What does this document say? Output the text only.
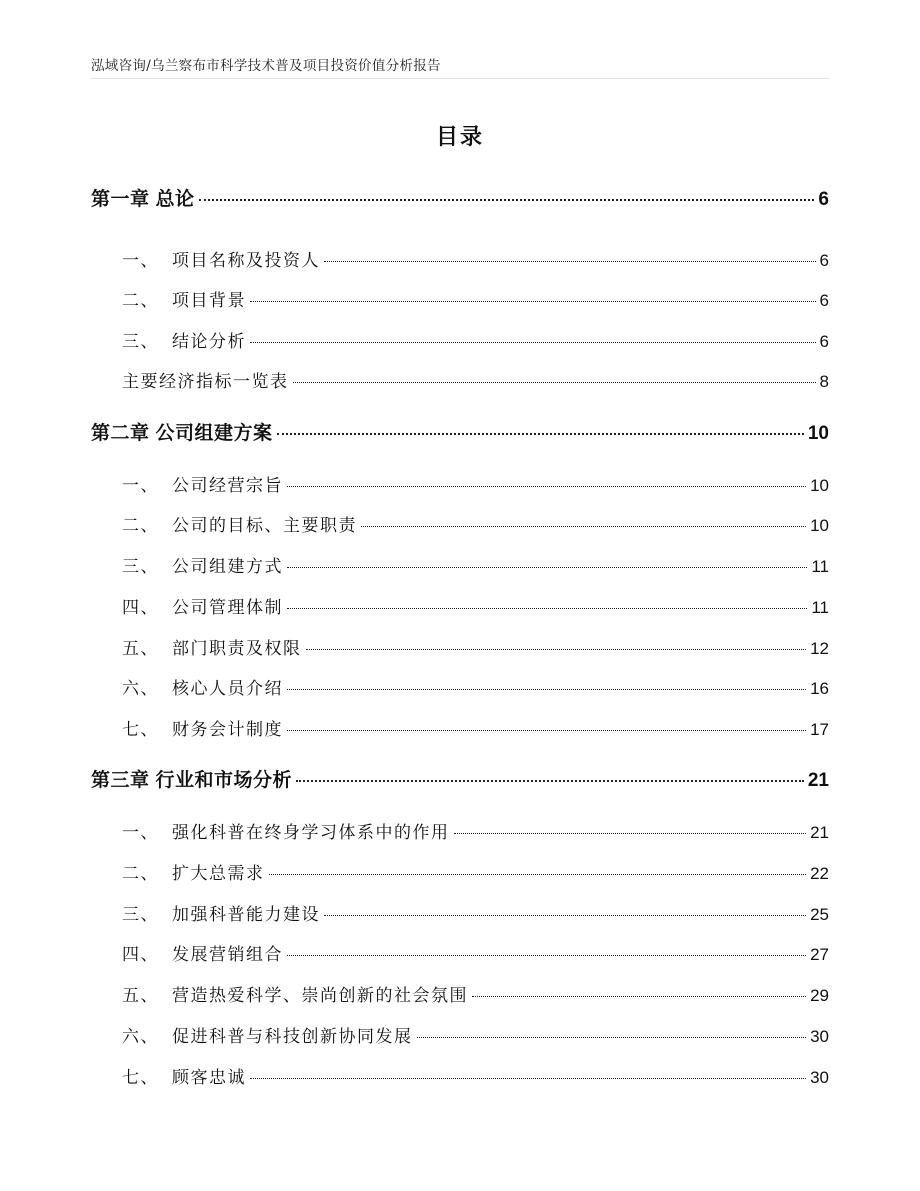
泓域咨询/乌兰察布市科学技术普及项目投资价值分析报告
目录
第一章 总论	6
一、 项目名称及投资人	6
二、 项目背景	6
三、 结论分析	6
主要经济指标一览表	8
第二章 公司组建方案	10
一、 公司经营宗旨	10
二、 公司的目标、主要职责	10
三、 公司组建方式	11
四、 公司管理体制	11
五、 部门职责及权限	12
六、 核心人员介绍	16
七、 财务会计制度	17
第三章 行业和市场分析	21
一、 强化科普在终身学习体系中的作用	21
二、 扩大总需求	22
三、 加强科普能力建设	25
四、 发展营销组合	27
五、 营造热爱科学、崇尚创新的社会氛围	29
六、 促进科普与科技创新协同发展	30
七、 顾客忠诚	30
